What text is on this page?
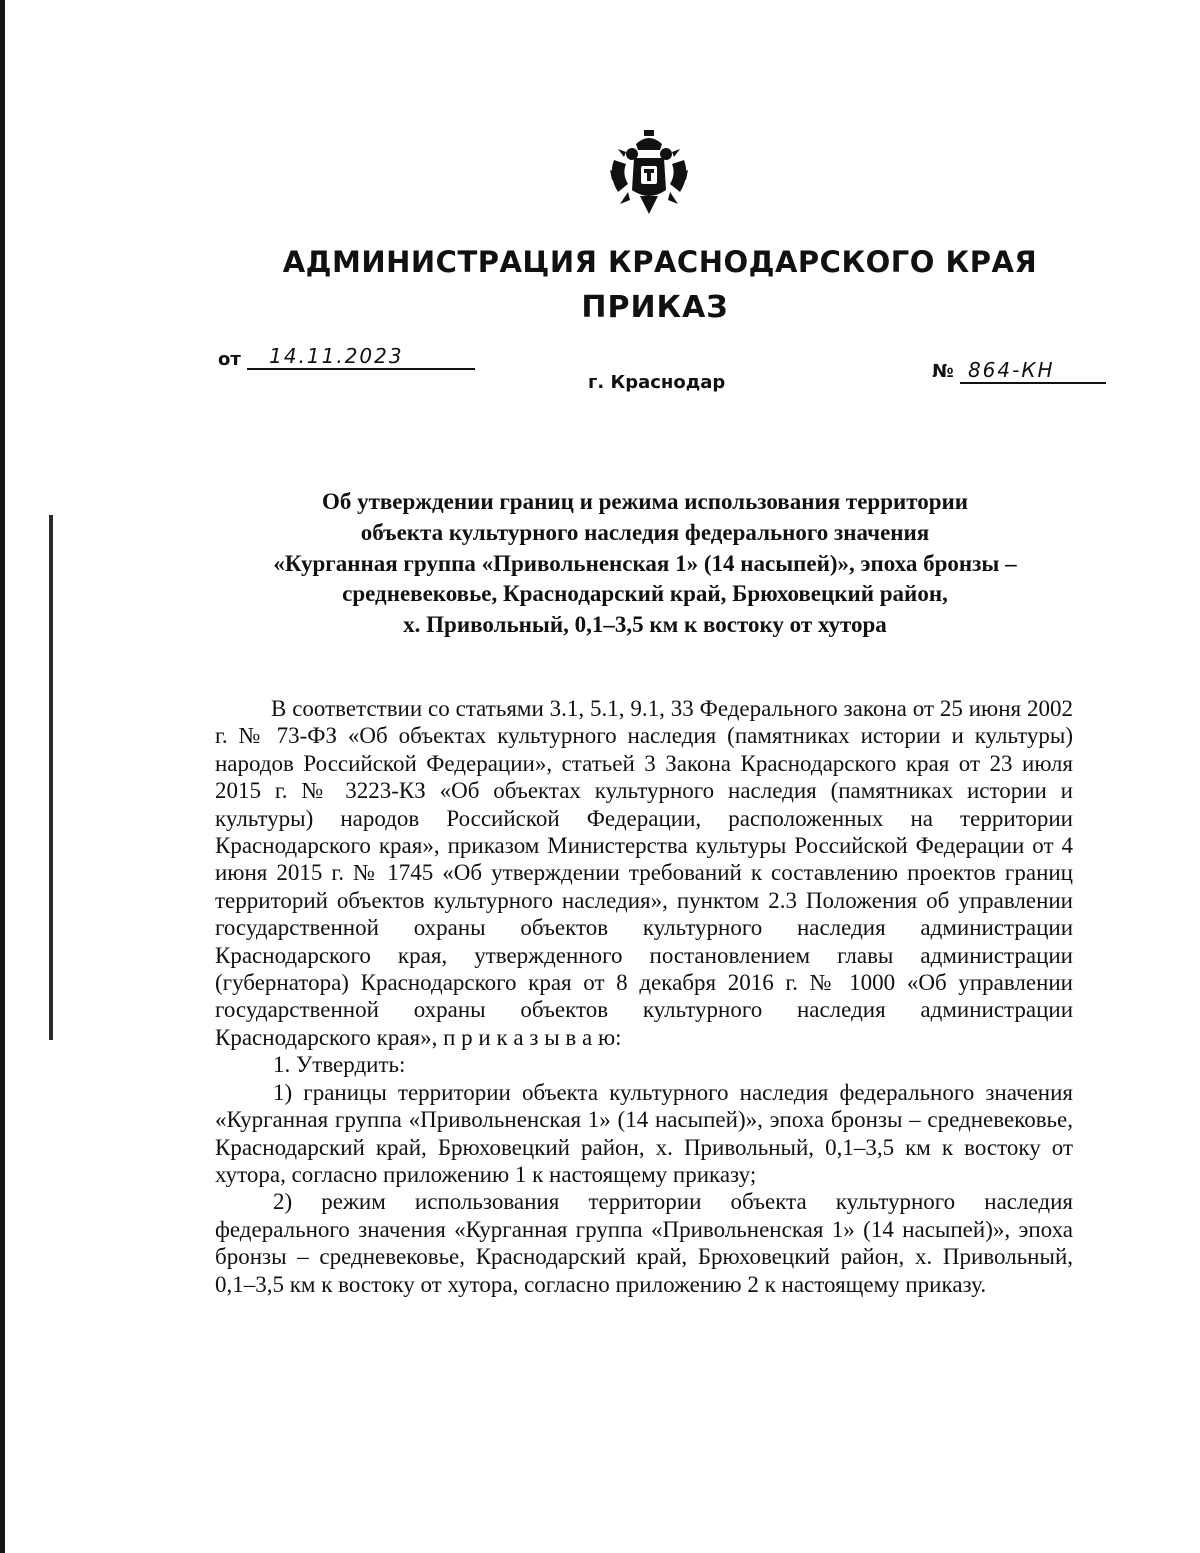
АДМИНИСТРАЦИЯ КРАСНОДАРСКОГО КРАЯ
ПРИКАЗ
от 14.11.2023
г. Краснодар
№ 864-КН
Об утверждении границ и режима использования территории
объекта культурного наследия федерального значения
«Курганная группа «Привольненская 1» (14 насыпей)», эпоха бронзы –
средневековье, Краснодарский край, Брюховецкий район,
х. Привольный, 0,1–3,5 км к востоку от хутора

В соответствии со статьями 3.1, 5.1, 9.1, 33 Федерального закона от 25 июня 2002 г. № 73-ФЗ «Об объектах культурного наследия (памятниках истории и культуры) народов Российской Федерации», статьей 3 Закона Краснодарского края от 23 июля 2015 г. № 3223-КЗ «Об объектах культурного наследия (памятниках истории и культуры) народов Российской Федерации, расположенных на территории Краснодарского края», приказом Министерства культуры Российской Федерации от 4 июня 2015 г. № 1745 «Об утверждении требований к составлению проектов границ территорий объектов культурного наследия», пунктом 2.3 Положения об управлении государственной охраны объектов культурного наследия администрации Краснодарского края, утвержденного постановлением главы администрации (губернатора) Краснодарского края от 8 декабря 2016 г. № 1000 «Об управлении государственной охраны объектов культурного наследия администрации Краснодарского края», п р и к а з ы в а ю:

1. Утвердить:

1) границы территории объекта культурного наследия федерального значения «Курганная группа «Привольненская 1» (14 насыпей)», эпоха бронзы – средневековье, Краснодарский край, Брюховецкий район, х. Привольный, 0,1–3,5 км к востоку от хутора, согласно приложению 1 к настоящему приказу;

2) режим использования территории объекта культурного наследия федерального значения «Курганная группа «Привольненская 1» (14 насыпей)», эпоха бронзы – средневековье, Краснодарский край, Брюховецкий район, х. Привольный, 0,1–3,5 км к востоку от хутора, согласно приложению 2 к настоящему приказу.
